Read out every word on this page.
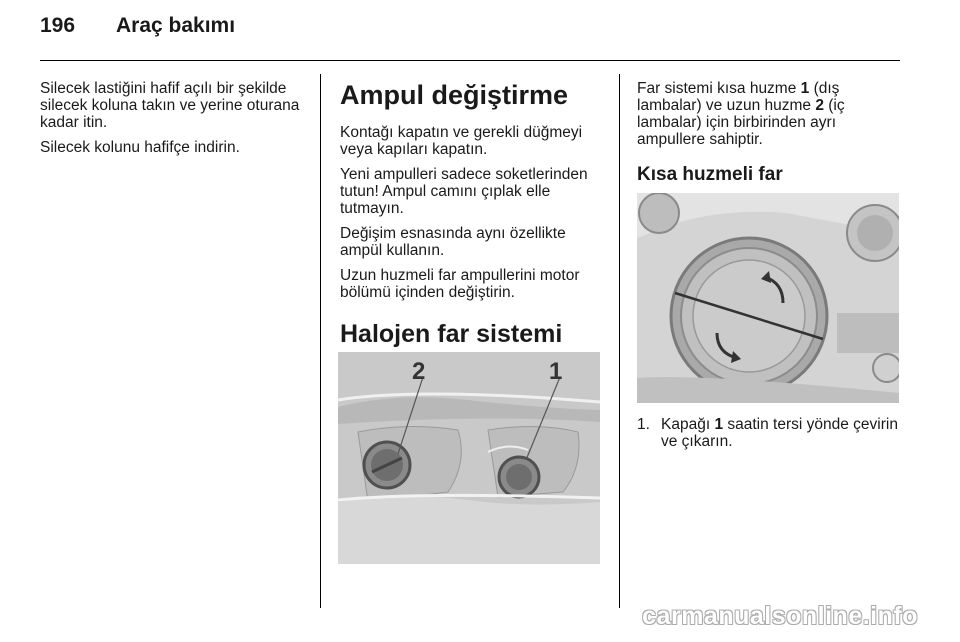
196 Araç bakımı

Silecek lastiğini hafif açılı bir şekilde silecek koluna takın ve yerine oturana kadar itin.

Silecek kolunu hafifçe indirin.

Ampul değiştirme

Kontağı kapatın ve gerekli düğmeyi veya kapıları kapatın.

Yeni ampulleri sadece soketlerinden tutun! Ampul camını çıplak elle tutmayın.

Değişim esnasında aynı özellikte ampül kullanın.

Uzun huzmeli far ampullerini motor bölümü içinden değiştirin.

Halojen far sistemi
2	1

Far sistemi kısa huzme 1 (dış lambalar) ve uzun huzme 2 (iç lambalar) için birbirinden ayrı ampullere sahiptir.

Kısa huzmeli far
1. Kapağı 1 saatin tersi yönde çevirin ve çıkarın.
carmanualsonline.info
